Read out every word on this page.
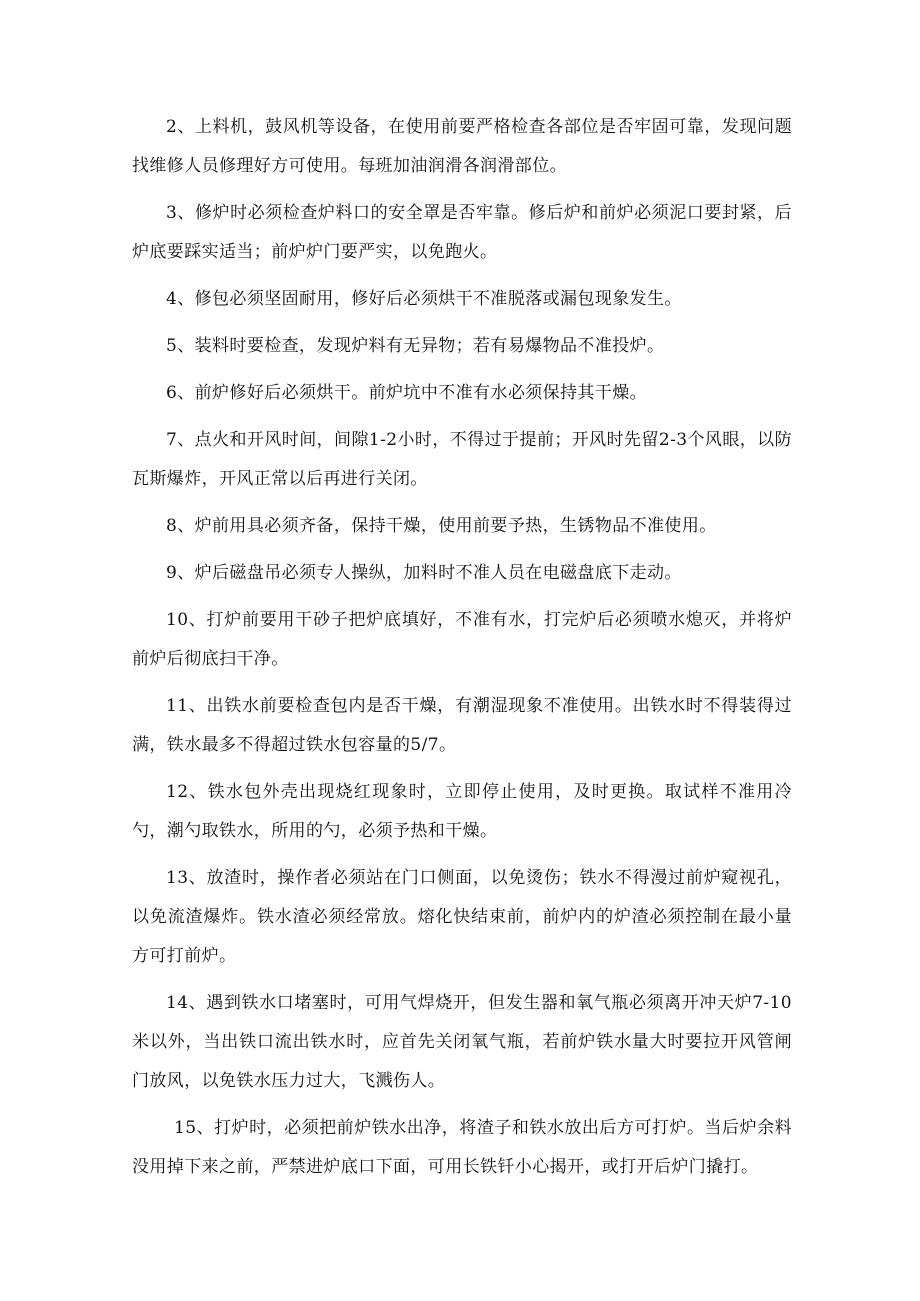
2、上料机，鼓风机等设备，在使用前要严格检查各部位是否牢固可靠，发现问题找维修人员修理好方可使用。每班加油润滑各润滑部位。

3、修炉时必须检查炉料口的安全罩是否牢靠。修后炉和前炉必须泥口要封紧，后炉底要踩实适当；前炉炉门要严实，以免跑火。

4、修包必须坚固耐用，修好后必须烘干不准脱落或漏包现象发生。

5、装料时要检查，发现炉料有无异物；若有易爆物品不准投炉。

6、前炉修好后必须烘干。前炉坑中不准有水必须保持其干燥。

7、点火和开风时间，间隙1-2小时，不得过于提前；开风时先留2-3个风眼，以防瓦斯爆炸，开风正常以后再进行关闭。

8、炉前用具必须齐备，保持干燥，使用前要予热，生锈物品不准使用。

9、炉后磁盘吊必须专人操纵，加料时不准人员在电磁盘底下走动。

10、打炉前要用干砂子把炉底填好，不准有水，打完炉后必须喷水熄灭，并将炉前炉后彻底扫干净。

11、出铁水前要检查包内是否干燥，有潮湿现象不准使用。出铁水时不得装得过满，铁水最多不得超过铁水包容量的5/7。

12、铁水包外壳出现烧红现象时，立即停止使用，及时更换。取试样不准用冷勺，潮勺取铁水，所用的勺，必须予热和干燥。

13、放渣时，操作者必须站在门口侧面，以免烫伤；铁水不得漫过前炉窥视孔，以免流渣爆炸。铁水渣必须经常放。熔化快结束前，前炉内的炉渣必须控制在最小量方可打前炉。

14、遇到铁水口堵塞时，可用气焊烧开，但发生器和氧气瓶必须离开冲天炉7-10米以外，当出铁口流出铁水时，应首先关闭氧气瓶，若前炉铁水量大时要拉开风管闸门放风，以免铁水压力过大，飞溅伤人。

15、打炉时，必须把前炉铁水出净，将渣子和铁水放出后方可打炉。当后炉余料没用掉下来之前，严禁进炉底口下面，可用长铁钎小心揭开，或打开后炉门撬打。
